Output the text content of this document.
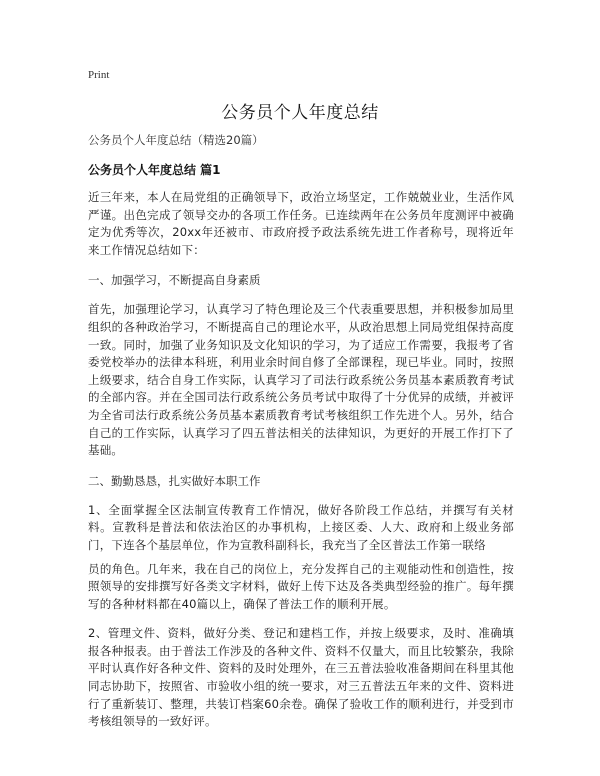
Print
公务员个人年度总结
公务员个人年度总结（精选20篇）
公务员个人年度总结 篇1

近三年来，本人在局党组的正确领导下，政治立场坚定，工作兢兢业业，生活作风严谨。出色完成了领导交办的各项工作任务。已连续两年在公务员年度测评中被确定为优秀等次，20xx年还被市、市政府授予政法系统先进工作者称号，现将近年来工作情况总结如下：

一、加强学习，不断提高自身素质

首先，加强理论学习，认真学习了特色理论及三个代表重要思想，并积极参加局里组织的各种政治学习，不断提高自己的理论水平，从政治思想上同局党组保持高度一致。同时，加强了业务知识及文化知识的学习，为了适应工作需要，我报考了省委党校举办的法律本科班，利用业余时间自修了全部课程，现已毕业。同时，按照上级要求，结合自身工作实际，认真学习了司法行政系统公务员基本素质教育考试的全部内容。并在全国司法行政系统公务员考试中取得了十分优异的成绩，并被评为全省司法行政系统公务员基本素质教育考试考核组织工作先进个人。另外，结合自己的工作实际，认真学习了四五普法相关的法律知识，为更好的开展工作打下了基础。

二、勤勤恳恳，扎实做好本职工作

1、全面掌握全区法制宣传教育工作情况，做好各阶段工作总结，并撰写有关材料。宣教科是普法和依法治区的办事机构，上接区委、人大、政府和上级业务部门，下连各个基层单位，作为宣教科副科长，我充当了全区普法工作第一联络

员的角色。几年来，我在自己的岗位上，充分发挥自己的主观能动性和创造性，按照领导的安排撰写好各类文字材料，做好上传下达及各类典型经验的推广。每年撰写的各种材料都在40篇以上，确保了普法工作的顺利开展。

2、管理文件、资料，做好分类、登记和建档工作，并按上级要求，及时、准确填报各种报表。由于普法工作涉及的各种文件、资料不仅量大，而且比较繁杂，我除平时认真作好各种文件、资料的及时处理外，在三五普法验收准备期间在科里其他同志协助下，按照省、市验收小组的统一要求，对三五普法五年来的文件、资料进行了重新装订、整理，共装订档案60余卷。确保了验收工作的顺利进行，并受到市考核组领导的一致好评。
